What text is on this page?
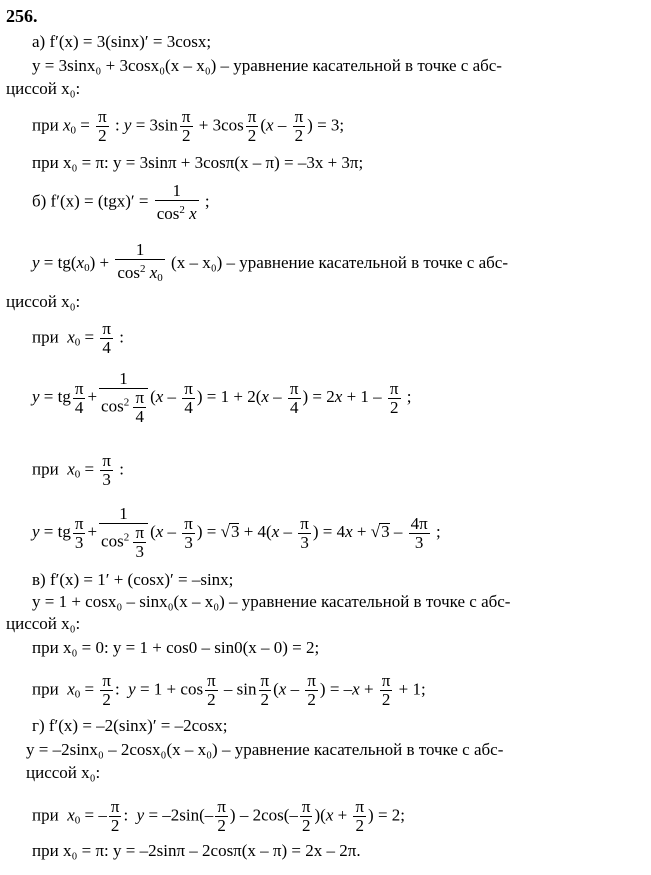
256.
а) f′(x) = 3(sinx)′ = 3cosx;
y = 3sinx₀ + 3cosx₀(x – x₀) – уравнение касательной в точке с абс-
циссой x₀:
при $x_0 = \frac{\pi}{2}$ : $y = 3\sin \frac{\pi}{2} + 3\cos \frac{\pi}{2} (x - \frac{\pi}{2}$ ) = 3;
при x₀ = π: y = 3sinπ + 3cosπ(x – π) = –3x + 3π;
б) $f'(x) = (tgx)' = \frac{1}{\cos^2 x}$ ;
$y = tg(x_0) + \frac{1}{\cos^2 x_0} (x - x_0)$ – уравнение касательной в точке с абс-
циссой x₀:
при  $x_0 = \frac{\pi}{4}$ :
y = tg $\frac{\pi}{4} + \frac{1}{\cos^2 \frac{\pi}{4}} (x - \frac{\pi}{4}$ ) = $1 + 2(x - \frac{\pi}{4}$ ) = $2x + 1 - \frac{\pi}{2}$ ;
при  $x_0 = \frac{\pi}{3}$ :
y = tg $\frac{\pi}{3} + \frac{1}{\cos^2 \frac{\pi}{3}} (x - \frac{\pi}{3}$ ) = $√3 + 4(x - \frac{\pi}{3}$ ) = $4x + √3 - \frac{4\pi}{3}$ ;
в) f′(x) = 1′ + (cosx)′ = –sinx;
y = 1 + cosx₀ – sinx₀(x – x₀) – уравнение касательной в точке с абс-
циссой x₀:
при x₀ = 0: y = 1 + cos0 – sin0(x – 0) = 2;
при  $x_0 = \frac{\pi}{2}$ :  $y = 1 + \cos \frac{\pi}{2} - \sin \frac{\pi}{2} (x - \frac{\pi}{2}$ ) = $-x + \frac{\pi}{2} + 1$;
г) f′(x) = –2(sinx)′ = –2cosx;
y = –2sinx₀ – 2cosx₀(x – x₀) – уравнение касательной в точке с абс-
циссой x₀:
при  $x_0$ = – $\frac{\pi}{2}$ :  $y = -2\sin(- \frac{\pi}{2}$ ) – $2\cos(- \frac{\pi}{2} )(x + \frac{\pi}{2}$ ) = 2;
при x₀ = π: y = –2sinπ – 2cosπ(x – π) = 2x – 2π.
